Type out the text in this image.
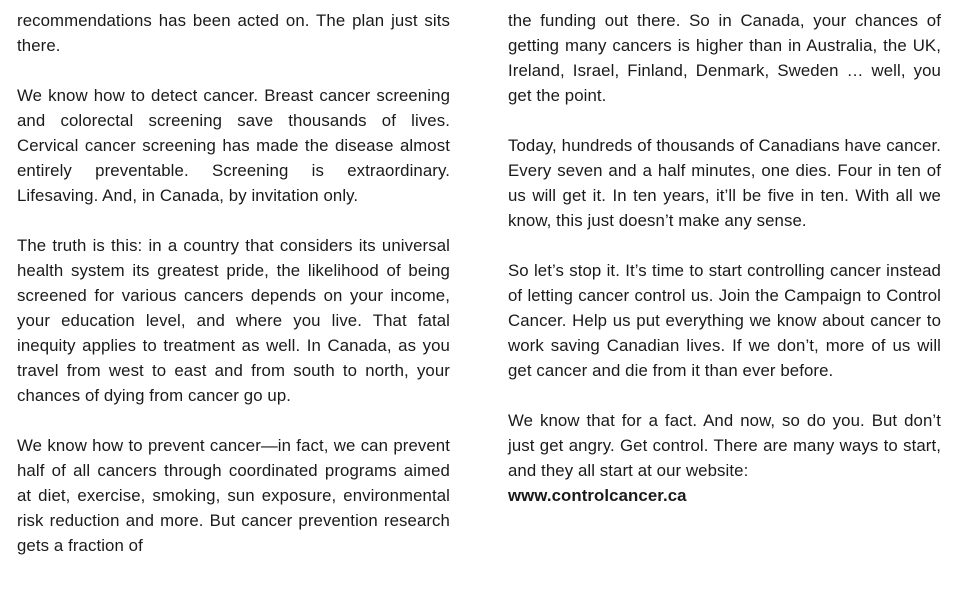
recommendations has been acted on. The plan just sits there.

We know how to detect cancer. Breast cancer screening and colorectal screening save thousands of lives. Cervical cancer screening has made the disease almost entirely preventable. Screening is extraordinary. Lifesaving. And, in Canada, by invitation only.

The truth is this: in a country that considers its universal health system its greatest pride, the likelihood of being screened for various cancers depends on your income, your education level, and where you live. That fatal inequity applies to treatment as well. In Canada, as you travel from west to east and from south to north, your chances of dying from cancer go up.

We know how to prevent cancer—in fact, we can prevent half of all cancers through coordinated programs aimed at diet, exercise, smoking, sun exposure, environmental risk reduction and more. But cancer prevention research gets a fraction of

the funding out there. So in Canada, your chances of getting many cancers is higher than in Australia, the UK, Ireland, Israel, Finland, Denmark, Sweden … well, you get the point.

Today, hundreds of thousands of Canadians have cancer. Every seven and a half minutes, one dies. Four in ten of us will get it. In ten years, it’ll be five in ten. With all we know, this just doesn’t make any sense.

So let’s stop it. It’s time to start controlling cancer instead of letting cancer control us. Join the Campaign to Control Cancer. Help us put everything we know about cancer to work saving Canadian lives. If we don’t, more of us will get cancer and die from it than ever before.

We know that for a fact. And now, so do you. But don’t just get angry. Get control. There are many ways to start, and they all start at our website:
www.controlcancer.ca
